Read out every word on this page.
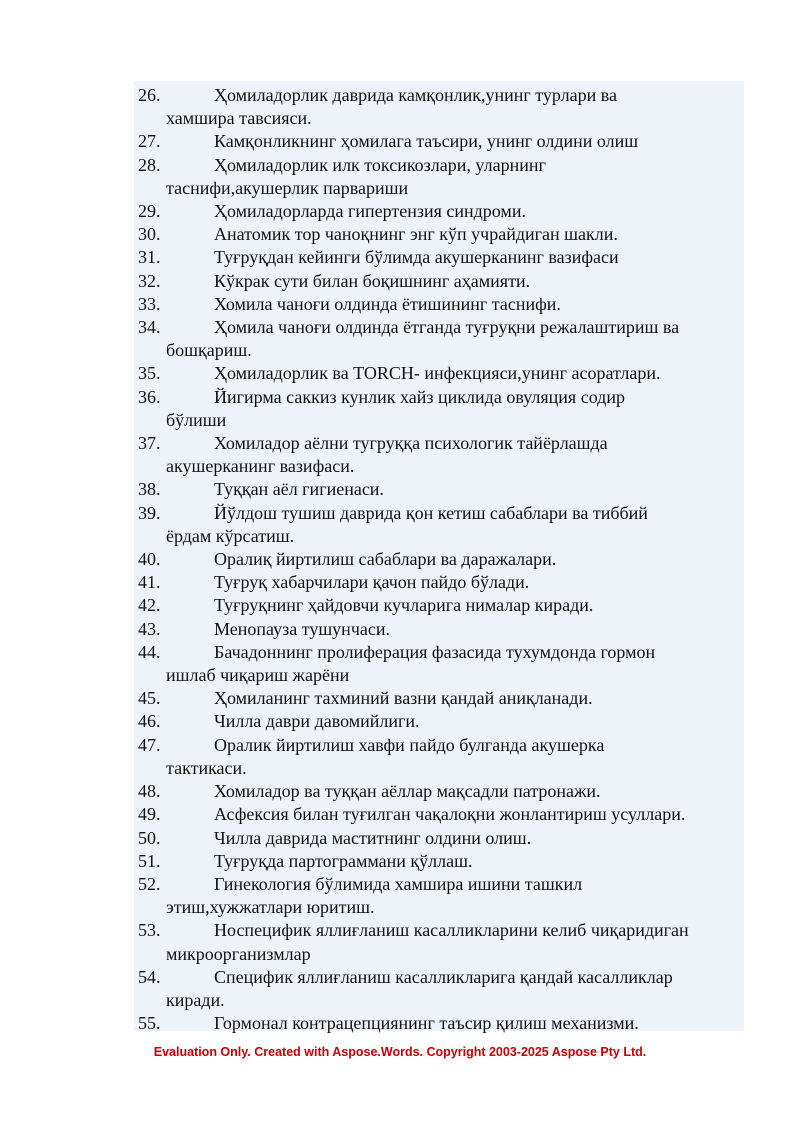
26.	Ҳомиладорлик даврида камқонлик,унинг турлари ва
хамшира тавсияси.
27.	Камқонликнинг ҳомилага таъсири, унинг олдини олиш
28.	Ҳомиладорлик илк токсикозлари, уларнинг
таснифи,акушерлик парвариши
29.	Ҳомиладорларда гипертензия синдроми.
30.	Анатомик тор чаноқнинг энг кўп учрайдиган шакли.
31.	Туғруқдан кейинги бўлимда акушерканинг вазифаси
32.	Кўкрак сути билан боқишнинг аҳамияти.
33.	Хомила чаноғи олдинда ётишининг таснифи.
34.	Ҳомила чаноғи олдинда ётганда туғруқни режалаштириш ва
бошқариш.
35.	Ҳомиладорлик ва TORCH- инфекцияси,унинг асоратлари.
36.	Йигирма саккиз кунлик хайз циклида овуляция содир
бўлиши
37.	Хомиладор аёлни тугруққа психологик тайёрлашда
акушерканинг вазифаси.
38.	Туққан аёл гигиенаси.
39.	Йўлдош тушиш даврида қон кетиш сабаблари ва тиббий
ёрдам кўрсатиш.
40.	Оралиқ йиртилиш сабаблари ва даражалари.
41.	Туғруқ хабарчилари қачон пайдо бўлади.
42.	Туғруқнинг ҳайдовчи кучларига нималар киради.
43.	Менопауза тушунчаси.
44.	Бачадоннинг пролиферация фазасида тухумдонда гормон
ишлаб чиқариш жарёни
45.	Ҳомиланинг тахминий вазни қандай аниқланади.
46.	Чилла даври давомийлиги.
47.	Оралик йиртилиш хавфи пайдо булганда акушерка
тактикаси.
48.	Хомиладор ва туққан аёллар мақсадли патронажи.
49.	Асфексия билан туғилган чақалоқни жонлантириш усуллари.
50.	Чилла даврида маститнинг олдини олиш.
51.	Туғруқда партограммани қўллаш.
52.	Гинекология бўлимида хамшира ишини ташкил
этиш,хужжатлари юритиш.
53.	Носпецифик яллиғланиш касалликларини келиб чиқаридиган
микроорганизмлар
54.	Специфик яллиғланиш касалликларига қандай касалликлар
киради.
55.	Гормонал контрацепциянинг таъсир қилиш механизми.
Evaluation Only. Created with Aspose.Words. Copyright 2003-2025 Aspose Pty Ltd.
